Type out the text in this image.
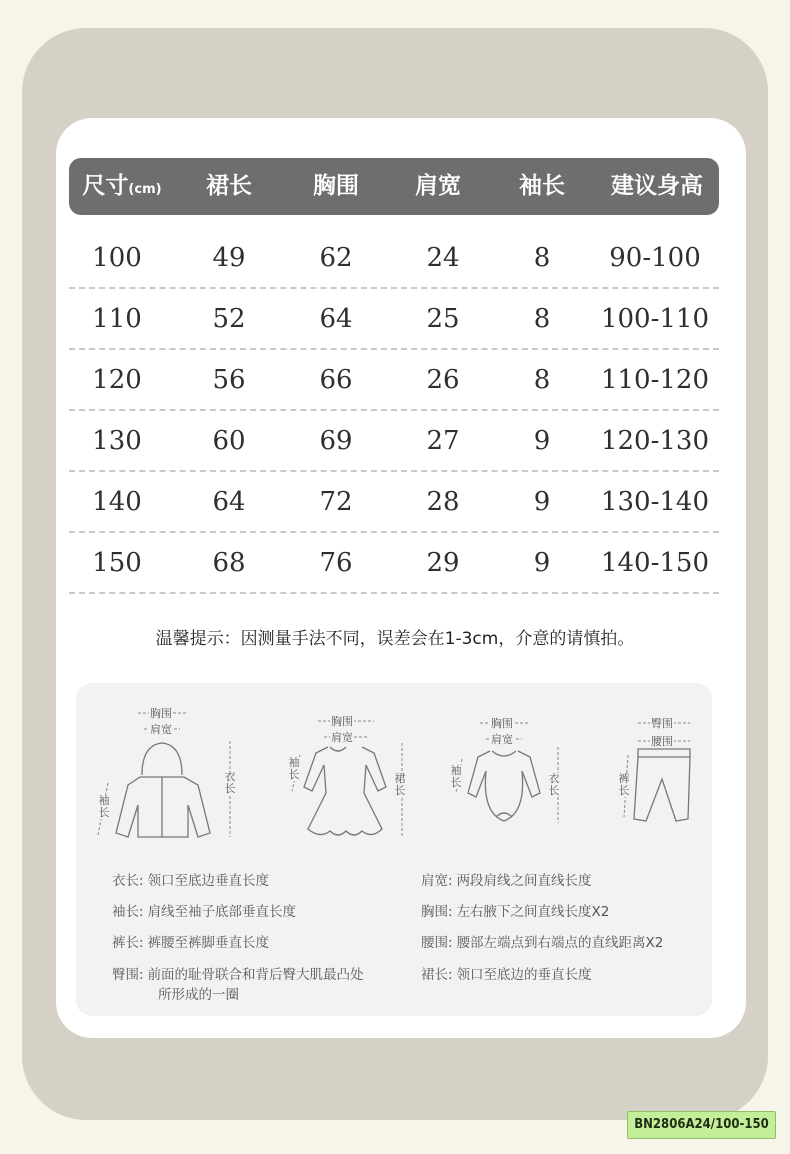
尺寸(cm) 裙长	胸围 肩宽	袖长 建议身高
100	49	62	24	8 90-100
110	52	64	25	8 100-110
120	56	66	26	8 110-120
130	60	69	27	9 120-130
140	64	72	28	9 130-140
150	68	76	29	9 140-150
温馨提示：因测量手法不同，误差会在1-3cm，介意的请慎拍。
胸围
肩宽
衣长
袖长
胸围
肩宽
裙长
袖长
胸围
肩宽
衣长
袖长
臀围
腰围
裤长
衣长: 领口至底边垂直长度
袖长: 肩线至袖子底部垂直长度
裤长: 裤腰至裤脚垂直长度
臀围: 前面的耻骨联合和背后臀大肌最凸处
所形成的一圈
肩宽: 两段肩线之间直线长度
胸围: 左右腋下之间直线长度X2
腰围: 腰部左端点到右端点的直线距离X2
裙长: 领口至底边的垂直长度
BN2806A24/100-150
